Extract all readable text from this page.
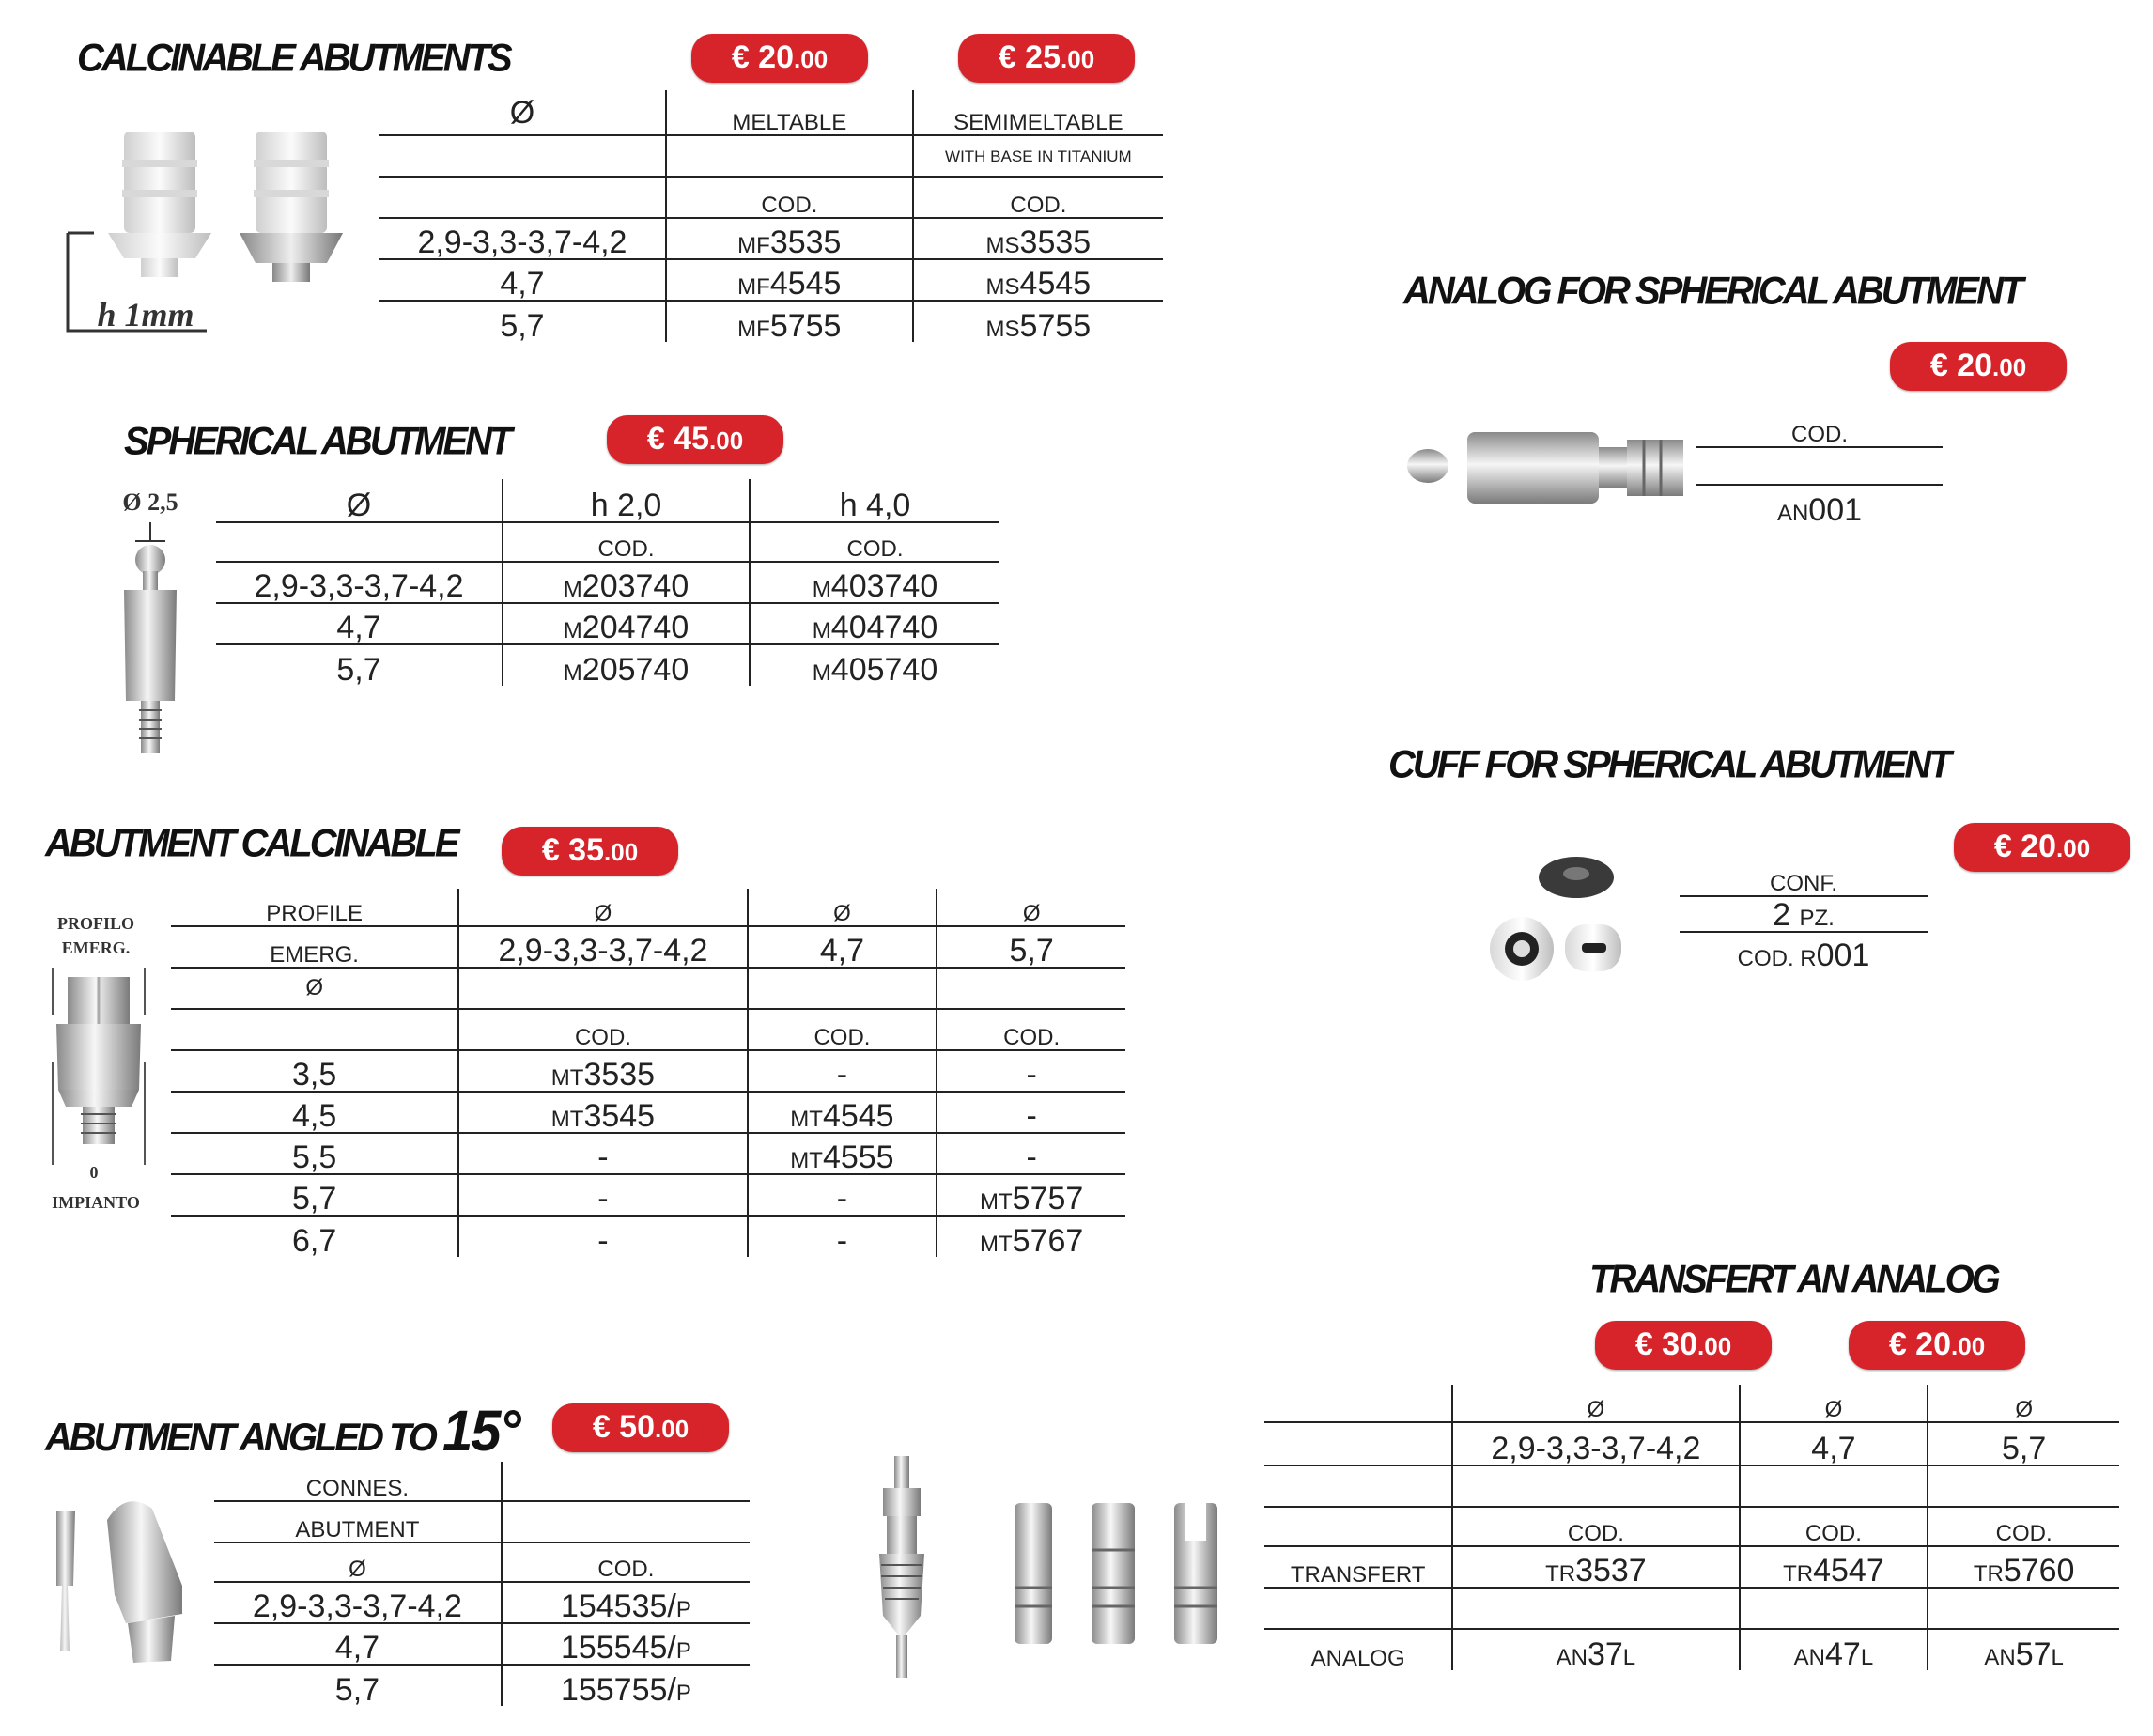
CALCINABLE ABUTMENTS	€ 20.00	€ 25.00
h 1mm
Ø	MELTABLE	SEMIMELTABLE
		WITH BASE IN TITANIUM
	COD.	COD.
2,9-3,3-3,7-4,2	MF3535	MS3535
4,7	MF4545	MS4545
5,7	MF5755	MS5755
SPHERICAL ABUTMENT	€ 45.00
Ø 2,5	Ø	h 2,0	h 4,0
	COD.	COD.
2,9-3,3-3,7-4,2	M203740	M403740
4,7	M204740	M404740
5,7	M205740	M405740
ABUTMENT CALCINABLE	€ 35.00
PROFILO EMERG.
0
IMPIANTO
PROFILE	Ø	Ø	Ø
EMERG.	2,9-3,3-3,7-4,2	4,7	5,7
Ø			
	COD.	COD.	COD.
3,5	MT3535	-	-
4,5	MT3545	MT4545	-
5,5	-	MT4555	-
5,7	-	-	MT5757
6,7	-	-	MT5767
ABUTMENT ANGLED TO 15°	€ 50.00
CONNES.	
ABUTMENT	
Ø	COD.
2,9-3,3-3,7-4,2	154535/P
4,7	155545/P
5,7	155755/P
ANALOG FOR SPHERICAL ABUTMENT
€ 20.00
COD.

AN001
CUFF FOR SPHERICAL ABUTMENT
€ 20.00
CONF.
2 PZ.
COD. R001
TRANSFERT AN ANALOG
€ 30.00	€ 20.00
	Ø	Ø	Ø
	2,9-3,3-3,7-4,2	4,7	5,7

	COD.	COD.	COD.
TRANSFERT	TR3537	TR4547	TR5760

ANALOG	AN37L	AN47L	AN57L
